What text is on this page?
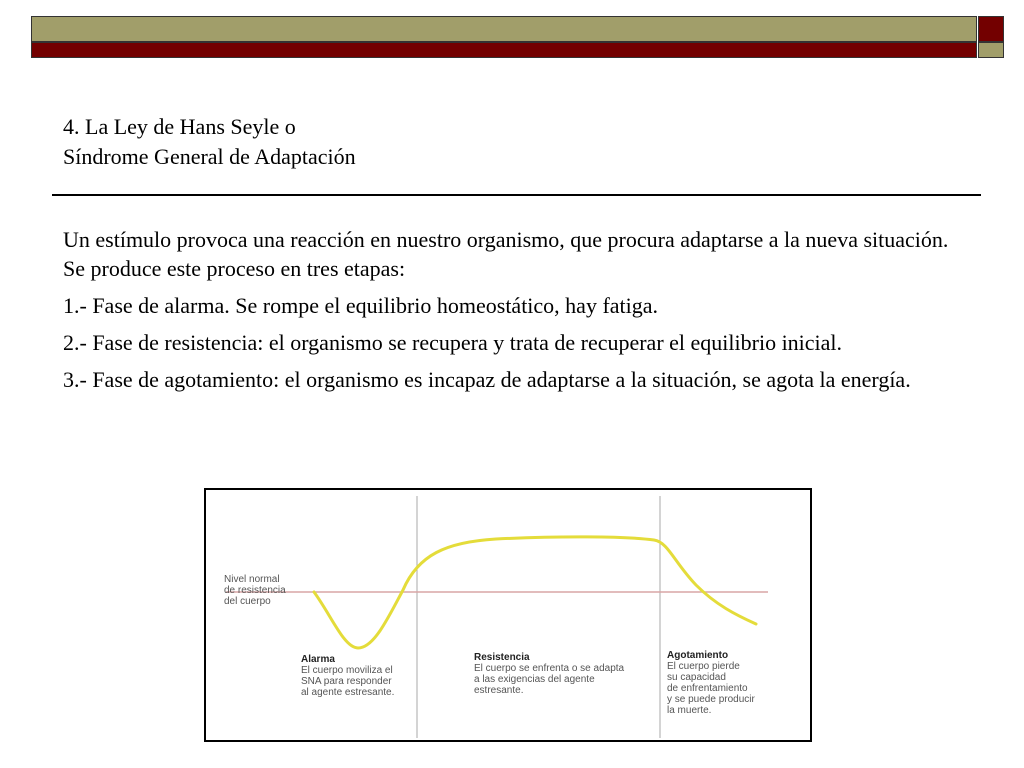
4. La Ley de Hans Seyle o
Síndrome General de Adaptación

Un estímulo provoca una reacción en nuestro organismo, que procura adaptarse a la nueva situación. Se produce este proceso en tres etapas:

1.- Fase de alarma. Se rompe el equilibrio homeostático, hay fatiga.

2.- Fase de resistencia: el organismo se recupera y trata de recuperar el equilibrio inicial.

3.- Fase de agotamiento: el organismo es incapaz de adaptarse a la situación, se agota la energía.

Nivel normal
de resistencia
del cuerpo
Alarma
El cuerpo moviliza el
SNA para responder
al agente estresante.
Resistencia
El cuerpo se enfrenta o se adapta
a las exigencias del agente
estresante.
Agotamiento
El cuerpo pierde
su capacidad
de enfrentamiento
y se puede producir
la muerte.
